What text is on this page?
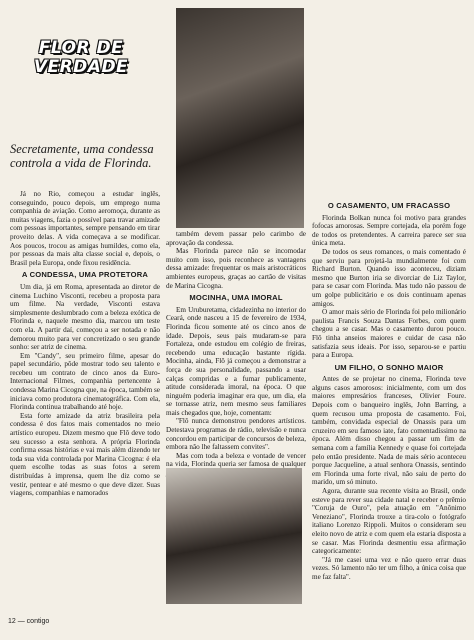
FLOR DE
VERDADE
Secretamente, uma condessa controla a vida de Florinda.

Já no Rio, começou a estudar inglês, conseguindo, pouco depois, um emprego numa companhia de aviação. Como aeromoça, durante as muitas viagens, fazia o possível para travar amizade com pessoas importantes, sempre pensando em tirar proveito delas. A vida começava a se modificar. Aos poucos, trocou as amigas humildes, como ela, por pessoas da mais alta classe social e, depois, o Brasil pela Europa, onde fixou residência.

A CONDESSA, UMA PROTETORA

Um dia, já em Roma, apresentada ao diretor de cinema Luchino Visconti, recebeu a proposta para um filme. Na verdade, Visconti estava simplesmente deslumbrado com a beleza exótica de Florinda e, naquele mesmo dia, marcou um teste com ela. A partir daí, começou a ser notada e não demorou muito para ver concretizado o seu grande sonho: ser atriz de cinema.

Em "Candy", seu primeiro filme, apesar do papel secundário, pôde mostrar todo seu talento e recebeu um contrato de cinco anos da Euro-Internacional Filmes, companhia pertencente à condessa Marina Cicogna que, na época, também se iniciava como produtora cinematográfica. Com ela, Florinda continua trabalhando até hoje.

Esta forte amizade da atriz brasileira pela condessa é dos fatos mais comentados no meio artístico europeu. Dizem mesmo que Flô deve todo seu sucesso a esta senhora. A própria Florinda confirma essas histórias e vai mais além dizendo ter toda sua vida controlada por Marina Cicogna: é ela quem escolhe todas as suas fotos a serem distribuídas à imprensa, quem lhe diz como se vestir, pentear e até mesmo o que deve dizer. Suas viagens, companhias e namorados

também devem passar pelo carimbo de aprovação da condessa.

Mas Florinda parece não se incomodar muito com isso, pois reconhece as vantagens dessa amizade: frequentar os mais aristocráticos ambientes europeus, graças ao cartão de visitas de Marina Cicogna.

MOCINHA, UMA IMORAL

Em Uruburetama, cidadezinha no interior do Ceará, onde nasceu a 15 de fevereiro de 1934, Florinda ficou somente até os cinco anos de idade. Depois, seus pais mudaram-se para Fortaleza, onde estudou em colégio de freiras, recebendo uma educação bastante rígida. Mocinha, ainda, Flô já começou a demonstrar a força de sua personalidade, passando a usar calças compridas e a fumar publicamente, atitude considerada imoral, na época. O que ninguém poderia imaginar era que, um dia, ela se tornasse atriz, nem mesmo seus familiares mais chegados que, hoje, comentam:

"Flô nunca demonstrou pendores artísticos. Detestava programas de rádio, televisão e nunca concordou em participar de concursos de beleza, embora não lhe faltassem convites".

Mas com toda a beleza e vontade de vencer na vida, Florinda queria ser famosa de qualquer

O CASAMENTO, UM FRACASSO

Florinda Bolkan nunca foi motivo para grandes fofocas amorosas. Sempre cortejada, ela porém foge de todos os pretendentes. A carreira parece ser sua única meta.

De todos os seus romances, o mais comentado é que serviu para projetá-la mundialmente foi com Richard Burton. Quando isso aconteceu, diziam mesmo que Burton iria se divorciar de Liz Taylor, para se casar com Florinda. Mas tudo não passou de um golpe publicitário e os dois continuam apenas amigos.

O amor mais sério de Florinda foi pelo milionário paulista Francis Souza Dantas Forbes, com quem chegou a se casar. Mas o casamento durou pouco. Flô tinha anseios maiores e cuidar de casa não satisfazia seus ideais. Por isso, separou-se e partiu para a Europa.

UM FILHO, O SONHO MAIOR

Antes de se projetar no cinema, Florinda teve alguns casos amorosos: inicialmente, com um dos maiores empresários franceses, Olivier Foure. Depois com o banqueiro inglês, John Barring, a quem recusou uma proposta de casamento. Foi, também, convidada especial de Onassis para um cruzeiro em seu famoso iate, fato comentadíssimo na época. Além disso chegou a passar um fim de semana com a família Kennedy e quase foi cortejada pelo então presidente. Nada de mais sério aconteceu porque Jacqueline, a atual senhora Onassis, sentindo em Florinda uma forte rival, não saiu de perto do marido, um só minuto.

Agora, durante sua recente visita ao Brasil, onde esteve para rever sua cidade natal e receber o prêmio "Coruja de Ouro", pela atuação em "Anônimo Veneziano", Florinda trouxe a tira-colo o fotógrafo italiano Lorenzo Rippoli. Muitos o consideram seu eleito novo de atriz e com quem ela estaria disposta a se casar. Mas Florinda desmentiu essa afirmação categoricamente:

"Já me casei uma vez e não quero errar duas vezes. Só lamento não ter um filho, a única coisa que me faz falta".

12 — contigo
